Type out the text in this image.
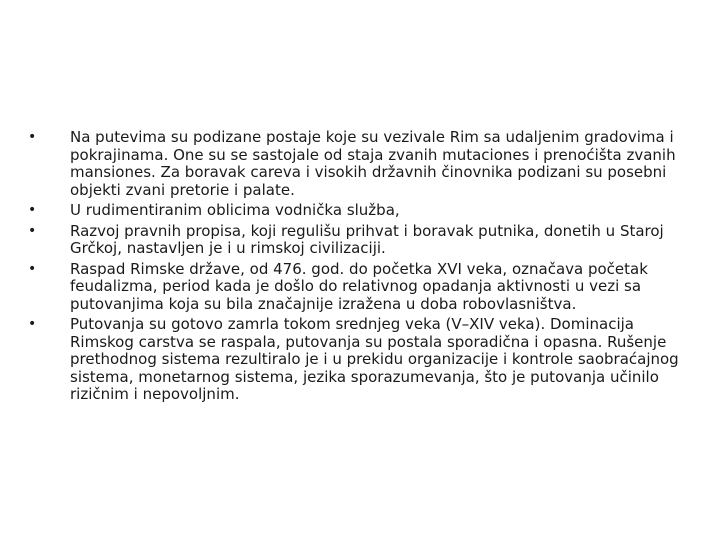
• Na putevima su podizane postaje koje su vezivale Rim sa udaljenim gradovima i pokrajinama. One su se sastojale od staja zvanih mutaciones i prenoćišta zvanih mansiones. Za boravak careva i visokih državnih činovnika podizani su posebni objekti zvani pretorie i palate.
• U rudimentiranim oblicima vodnička služba,
• Razvoj pravnih propisa, koji regulišu prihvat i boravak putnika, donetih u Staroj Grčkoj, nastavljen je i u rimskoj civilizaciji.
• Raspad Rimske države, od 476. god. do početka XVI veka, označava početak feudalizma, period kada je došlo do relativnog opadanja aktivnosti u vezi sa putovanjima koja su bila značajnije izražena u doba robovlasništva.
• Putovanja su gotovo zamrla tokom srednjeg veka (V–XIV veka). Dominacija Rimskog carstva se raspala, putovanja su postala sporadična i opasna. Rušenje prethodnog sistema rezultiralo je i u prekidu organizacije i kontrole saobraćajnog sistema, monetarnog sistema, jezika sporazumevanja, što je putovanja učinilo rizičnim i nepovoljnim.
